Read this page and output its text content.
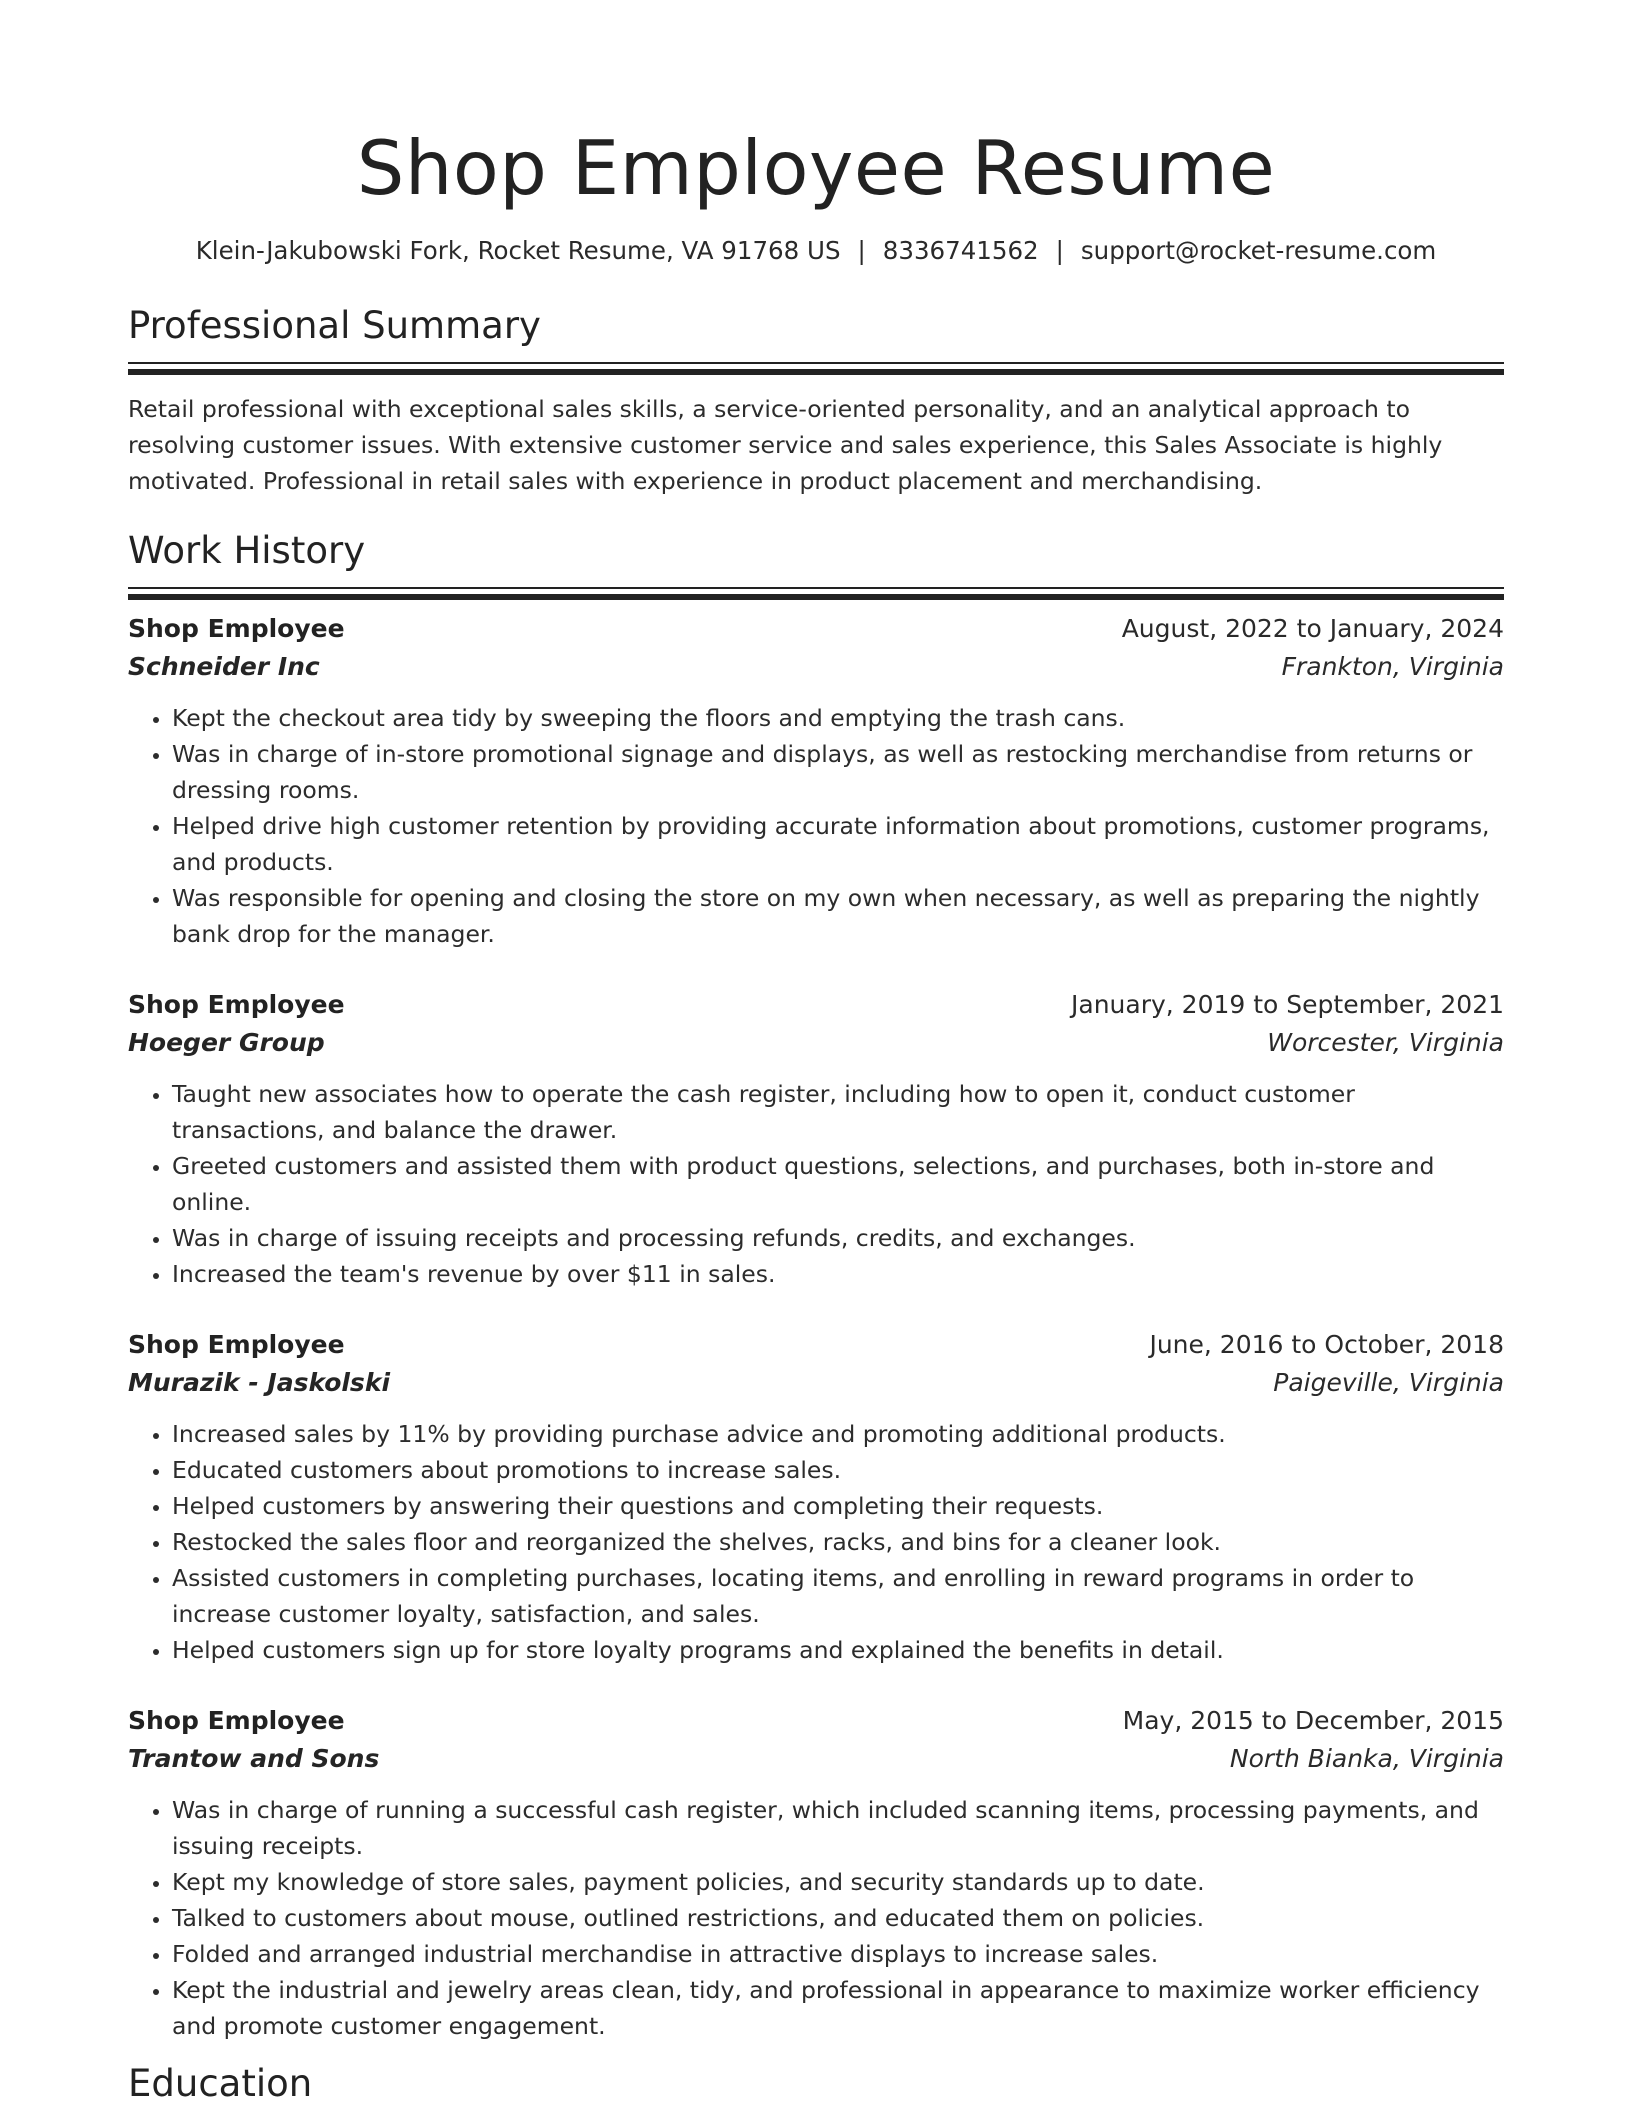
Shop Employee Resume
Klein-Jakubowski Fork, Rocket Resume, VA 91768 US | 8336741562 | support@rocket-resume.com
Professional Summary

Retail professional with exceptional sales skills, a service-oriented personality, and an analytical approach to resolving customer issues. With extensive customer service and sales experience, this Sales Associate is highly motivated. Professional in retail sales with experience in product placement and merchandising.

Work History
Shop Employee	August, 2022 to January, 2024
Schneider Inc	Frankton, Virginia
• Kept the checkout area tidy by sweeping the floors and emptying the trash cans.
• Was in charge of in-store promotional signage and displays, as well as restocking merchandise from returns or dressing rooms.
• Helped drive high customer retention by providing accurate information about promotions, customer programs, and products.
• Was responsible for opening and closing the store on my own when necessary, as well as preparing the nightly bank drop for the manager.
Shop Employee	January, 2019 to September, 2021
Hoeger Group	Worcester, Virginia
• Taught new associates how to operate the cash register, including how to open it, conduct customer transactions, and balance the drawer.
• Greeted customers and assisted them with product questions, selections, and purchases, both in-store and online.
• Was in charge of issuing receipts and processing refunds, credits, and exchanges.
• Increased the team's revenue by over $11 in sales.
Shop Employee	June, 2016 to October, 2018
Murazik - Jaskolski	Paigeville, Virginia
• Increased sales by 11% by providing purchase advice and promoting additional products.
• Educated customers about promotions to increase sales.
• Helped customers by answering their questions and completing their requests.
• Restocked the sales floor and reorganized the shelves, racks, and bins for a cleaner look.
• Assisted customers in completing purchases, locating items, and enrolling in reward programs in order to increase customer loyalty, satisfaction, and sales.
• Helped customers sign up for store loyalty programs and explained the benefits in detail.
Shop Employee	May, 2015 to December, 2015
Trantow and Sons	North Bianka, Virginia
• Was in charge of running a successful cash register, which included scanning items, processing payments, and issuing receipts.
• Kept my knowledge of store sales, payment policies, and security standards up to date.
• Talked to customers about mouse, outlined restrictions, and educated them on policies.
• Folded and arranged industrial merchandise in attractive displays to increase sales.
• Kept the industrial and jewelry areas clean, tidy, and professional in appearance to maximize worker efficiency and promote customer engagement.
Education
